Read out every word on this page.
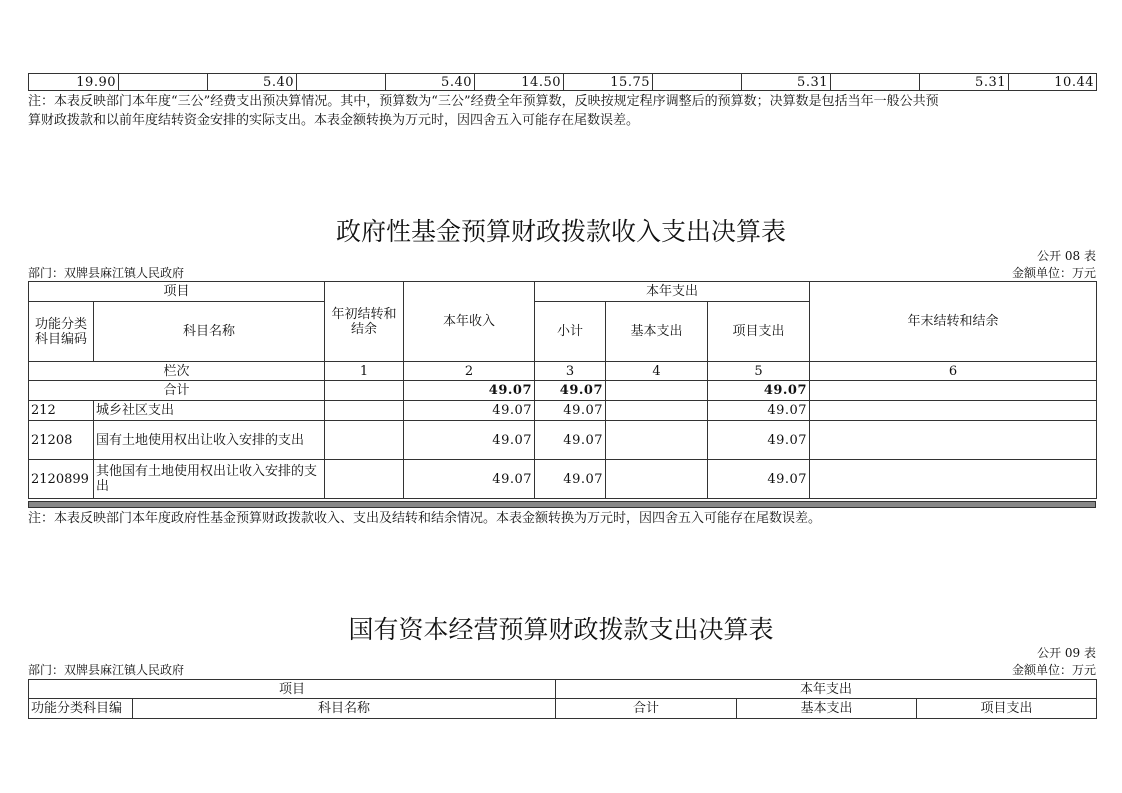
19.90		5.40		5.40	14.50	15.75		5.31		5.31	10.44
注：本表反映部门本年度“三公”经费支出预决算情况。其中，预算数为“三公”经费全年预算数，反映按规定程序调整后的预算数；决算数是包括当年一般公共预
算财政拨款和以前年度结转资金安排的实际支出。本表金额转换为万元时，因四舍五入可能存在尾数误差。
政府性基金预算财政拨款收入支出决算表
公开 08 表
部门：双牌县麻江镇人民政府	金额单位：万元
项目		年初结转和结余	本年收入	本年支出			年末结转和结余
功能分类科目编码	科目名称			小计	基本支出	项目支出	
栏次		1	2	3	4	5	6
合计			49.07	49.07		49.07	
212	城乡社区支出		49.07	49.07		49.07	
21208	国有土地使用权出让收入安排的支出		49.07	49.07		49.07	
2120899	其他国有土地使用权出让收入安排的支出		49.07	49.07		49.07	
注：本表反映部门本年度政府性基金预算财政拨款收入、支出及结转和结余情况。本表金额转换为万元时，因四舍五入可能存在尾数误差。
国有资本经营预算财政拨款支出决算表
公开 09 表
部门：双牌县麻江镇人民政府	金额单位：万元
项目		本年支出		
功能分类科目编	科目名称	合计	基本支出	项目支出
